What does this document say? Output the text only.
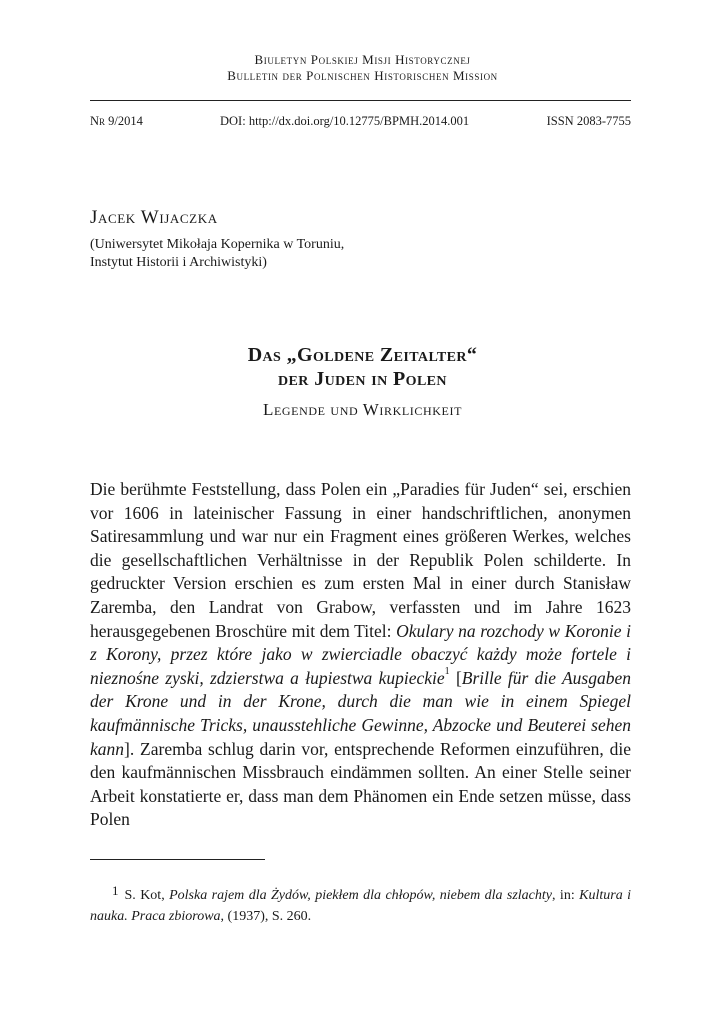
Biuletyn Polskiej Misji Historycznej
Bulletin der Polnischen Historischen Mission
Nr 9/2014	DOI: http://dx.doi.org/10.12775/BPMH.2014.001	ISSN 2083-7755
Jacek Wijaczka
(Uniwersytet Mikołaja Kopernika w Toruniu,
Instytut Historii i Archiwistyki)
Das „Goldene Zeitalter“
der Juden in Polen
Legende und Wirklichkeit

Die berühmte Feststellung, dass Polen ein „Paradies für Juden“ sei, erschien vor 1606 in lateinischer Fassung in einer handschriftlichen, anonymen Satiresammlung und war nur ein Fragment eines größeren Werkes, welches die gesellschaftlichen Verhältnisse in der Republik Polen schilderte. In gedruckter Version erschien es zum ersten Mal in einer durch Stanisław Zaremba, den Landrat von Grabow, verfassten und im Jahre 1623 herausgegebenen Broschüre mit dem Titel: Okulary na rozchody w Koronie i z Korony, przez które jako w zwierciadle obaczyć każdy może fortele i nieznośne zyski, zdzierstwa a łupiestwa kupieckie$^1$ [Brille für die Ausgaben der Krone und in der Krone, durch die man wie in einem Spiegel kaufmännische Tricks, unausstehliche Gewinne, Abzocke und Beuterei sehen kann]. Zaremba schlug darin vor, entsprechende Reformen einzuführen, die den kaufmännischen Missbrauch eindämmen sollten. An einer Stelle seiner Arbeit konstatierte er, dass man dem Phänomen ein Ende setzen müsse, dass Polen

1 S. Kot, Polska rajem dla Żydów, piekłem dla chłopów, niebem dla szlachty, in: Kultura i nauka. Praca zbiorowa, (1937), S. 260.
